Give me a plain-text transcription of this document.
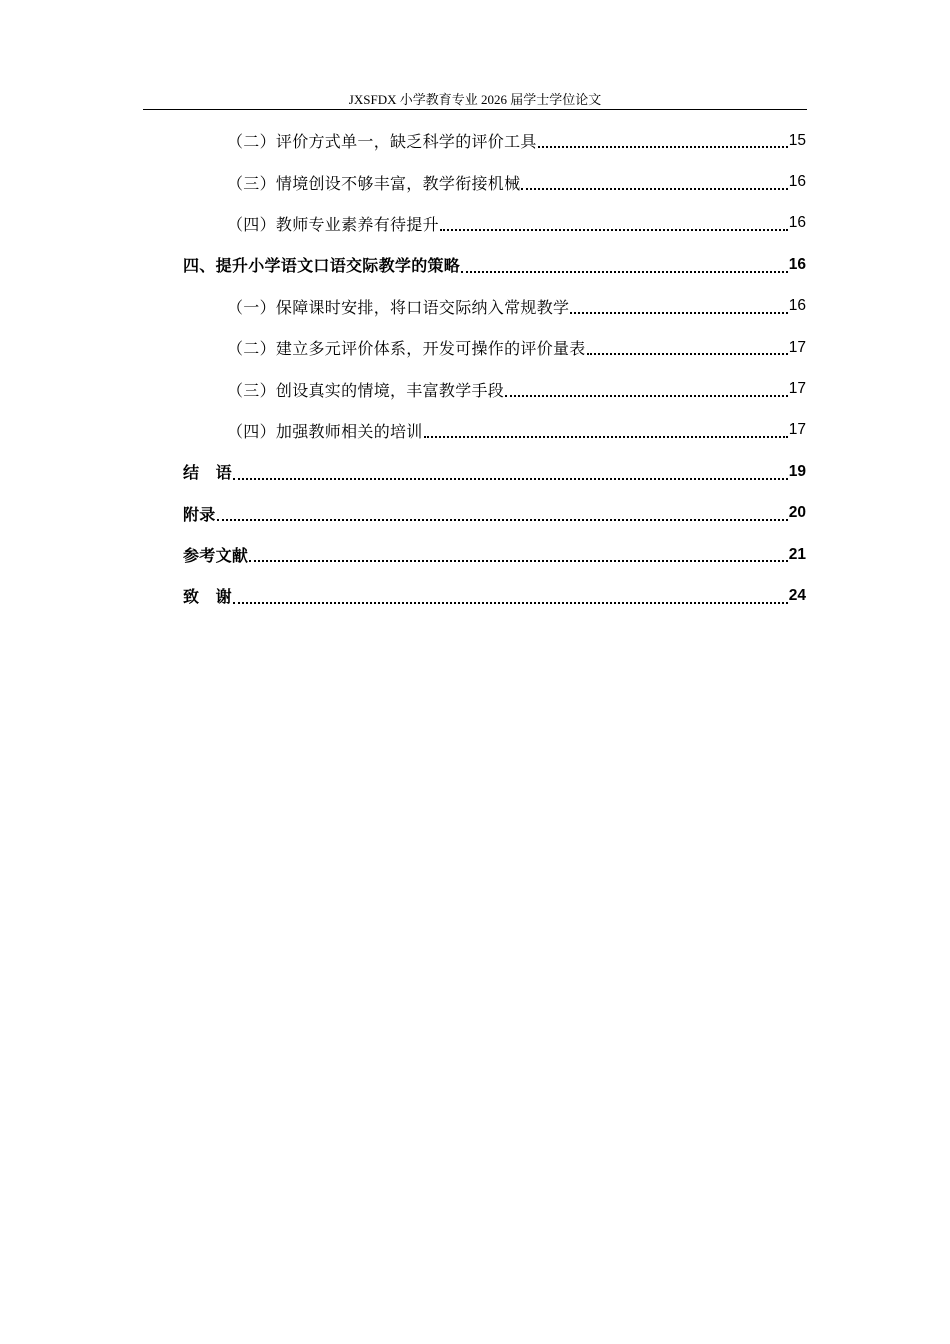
JXSFDX 小学教育专业 2026 届学士学位论文
（二）评价方式单一，缺乏科学的评价工具	15
（三）情境创设不够丰富，教学衔接机械	16
（四）教师专业素养有待提升	16
四、提升小学语文口语交际教学的策略	16
（一）保障课时安排，将口语交际纳入常规教学	16
（二）建立多元评价体系，开发可操作的评价量表	17
（三）创设真实的情境，丰富教学手段	17
（四）加强教师相关的培训	17
结　语	19
附录	20
参考文献	21
致　谢	24
